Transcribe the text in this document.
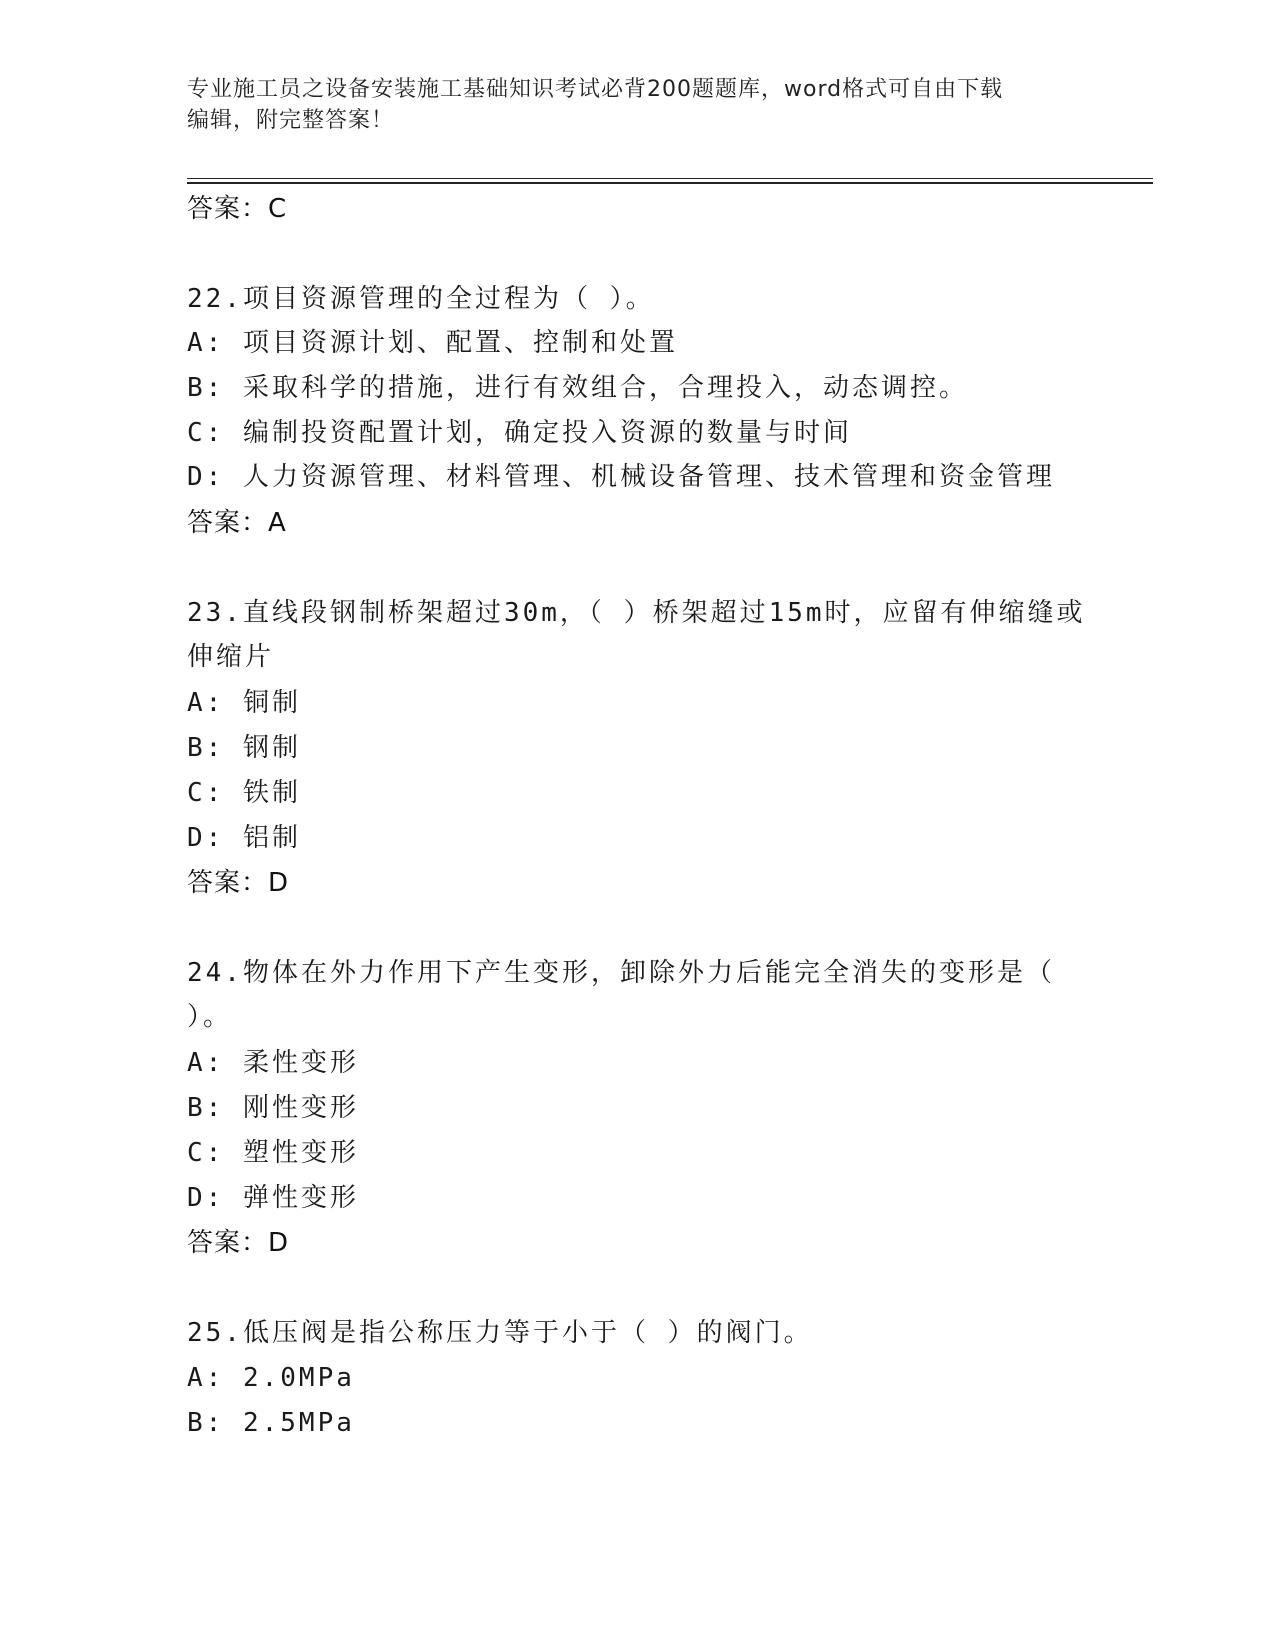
专业施工员之设备安装施工基础知识考试必背200题题库，word格式可自由下载
编辑，附完整答案！
答案：C
22.项目资源管理的全过程为（ ）。
A: 项目资源计划、配置、控制和处置
B: 采取科学的措施，进行有效组合，合理投入，动态调控。
C: 编制投资配置计划，确定投入资源的数量与时间
D: 人力资源管理、材料管理、机械设备管理、技术管理和资金管理
答案：A
23.直线段钢制桥架超过30m，（ ）桥架超过15m时，应留有伸缩缝或
伸缩片
A: 铜制
B: 钢制
C: 铁制
D: 铝制
答案：D
24.物体在外力作用下产生变形，卸除外力后能完全消失的变形是（
）。
A: 柔性变形
B: 刚性变形
C: 塑性变形
D: 弹性变形
答案：D
25.低压阀是指公称压力等于小于（ ）的阀门。
A: 2.0MPa
B: 2.5MPa
